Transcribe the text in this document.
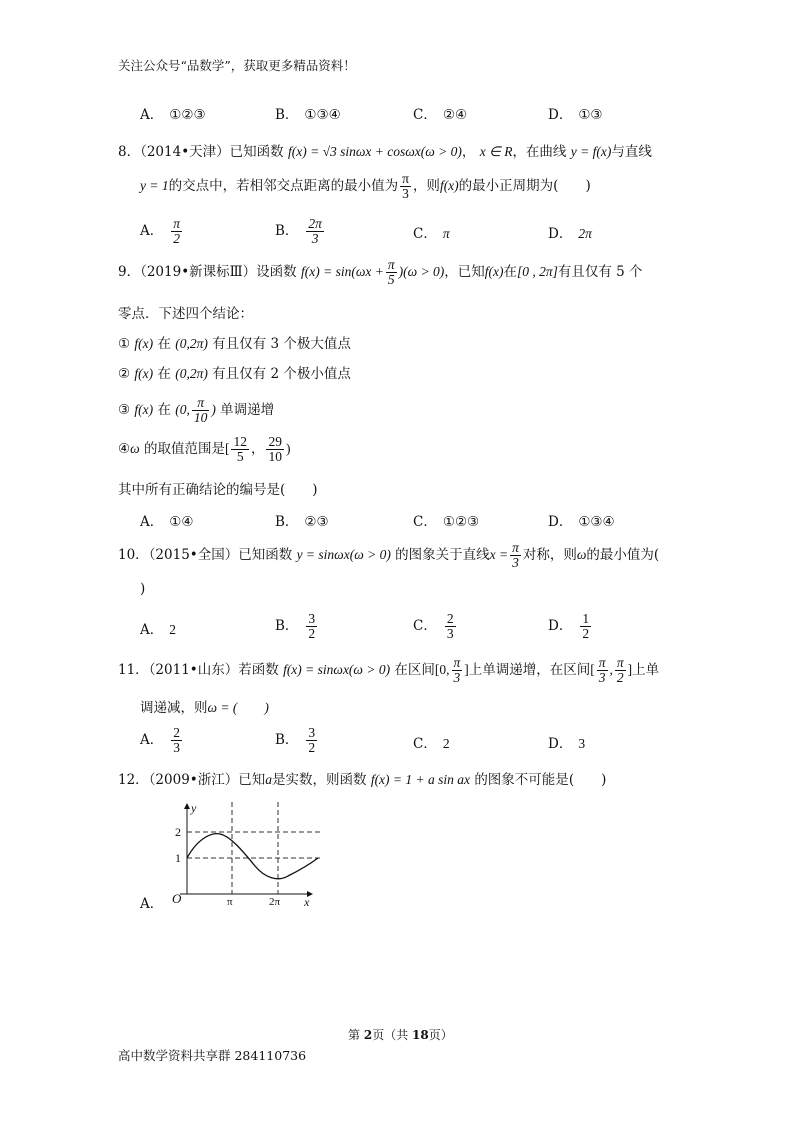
关注公众号“品数学”，获取更多精品资料！
A． ①②③	B． ①③④	C． ②④	D． ①③
8．（2014•天津）已知函数 f(x) = √3 sinωx + cosωx(ω > 0)， x ∈ R，在曲线 y = f(x)与直线
y = 1的交点中，若相邻交点距离的最小值为 $\frac{\pi}{3}$ ，则f(x)的最小正周期为(　　)
A． $\frac{\pi}{2}$	B． $\frac{2\pi}{3}$	C． π	D． 2π
9．（2019•新课标Ⅲ）设函数 $f(x) = \sin(\omega x + \frac{\pi}{5} )(\omega > 0)$，已知f(x)在[0 , 2π]有且仅有 5 个
零点．下述四个结论：
① f(x) 在 (0,2π) 有且仅有 3 个极大值点
② f(x) 在 (0,2π) 有且仅有 2 个极小值点
③ f(x) 在 (0, $\frac{\pi}{10}$ ) 单调递增
④ω 的取值范围是[ $\frac{12}{5}$ ， $\frac{29}{10}$ )
其中所有正确结论的编号是(　　)
A． ①④	B． ②③	C． ①②③	D． ①③④
10．（2015•全国）已知函数 y = sinωx(ω > 0) 的图象关于直线$x = \frac{\pi}{3}$ 对称，则ω的最小值为(
)
A． 2	B． $\frac{3}{2}$	C． $\frac{2}{3}$	D． $\frac{1}{2}$
11．（2011•山东）若函数 f(x) = sinωx(ω > 0) 在区间[0, $\frac{\pi}{3}$ ]上单调递增，在区间[ $\frac{\pi}{3}$ , $\frac{\pi}{2}$ ]上单
调递减，则ω = (　　)
A． $\frac{2}{3}$	B． $\frac{3}{2}$	C． 2	D． 3
12．（2009•浙江）已知a是实数，则函数 f(x) = 1 + a sin ax 的图象不可能是(　　)
A．
y
x
O
2
1
π	2π
第 2页（共 18页）
高中数学资料共享群 284110736
